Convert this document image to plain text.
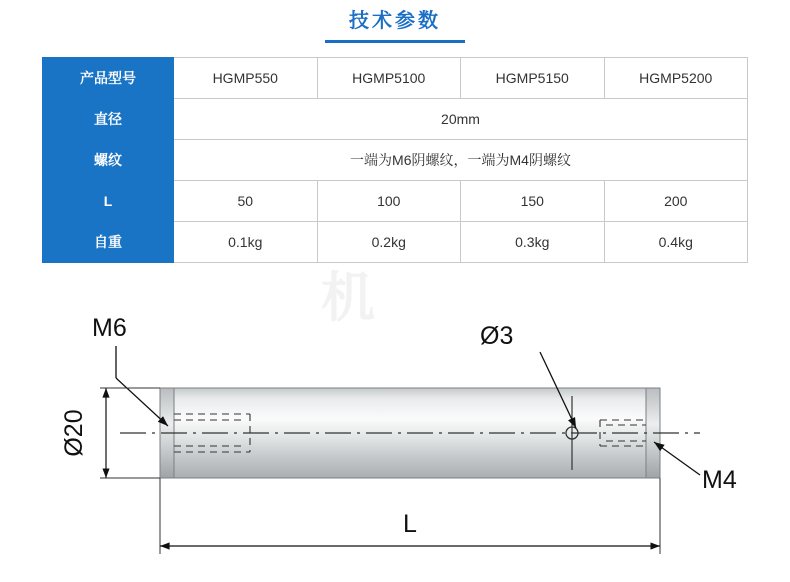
技术参数
产品型号	HGMP550	HGMP5100	HGMP5150	HGMP5200
直径	20mm			
螺纹	一端为M6阴螺纹，一端为M4阴螺纹			
L	50	100	150	200
自重	0.1kg	0.2kg	0.3kg	0.4kg
机
M6	Ø3
M4
Ø20
L
